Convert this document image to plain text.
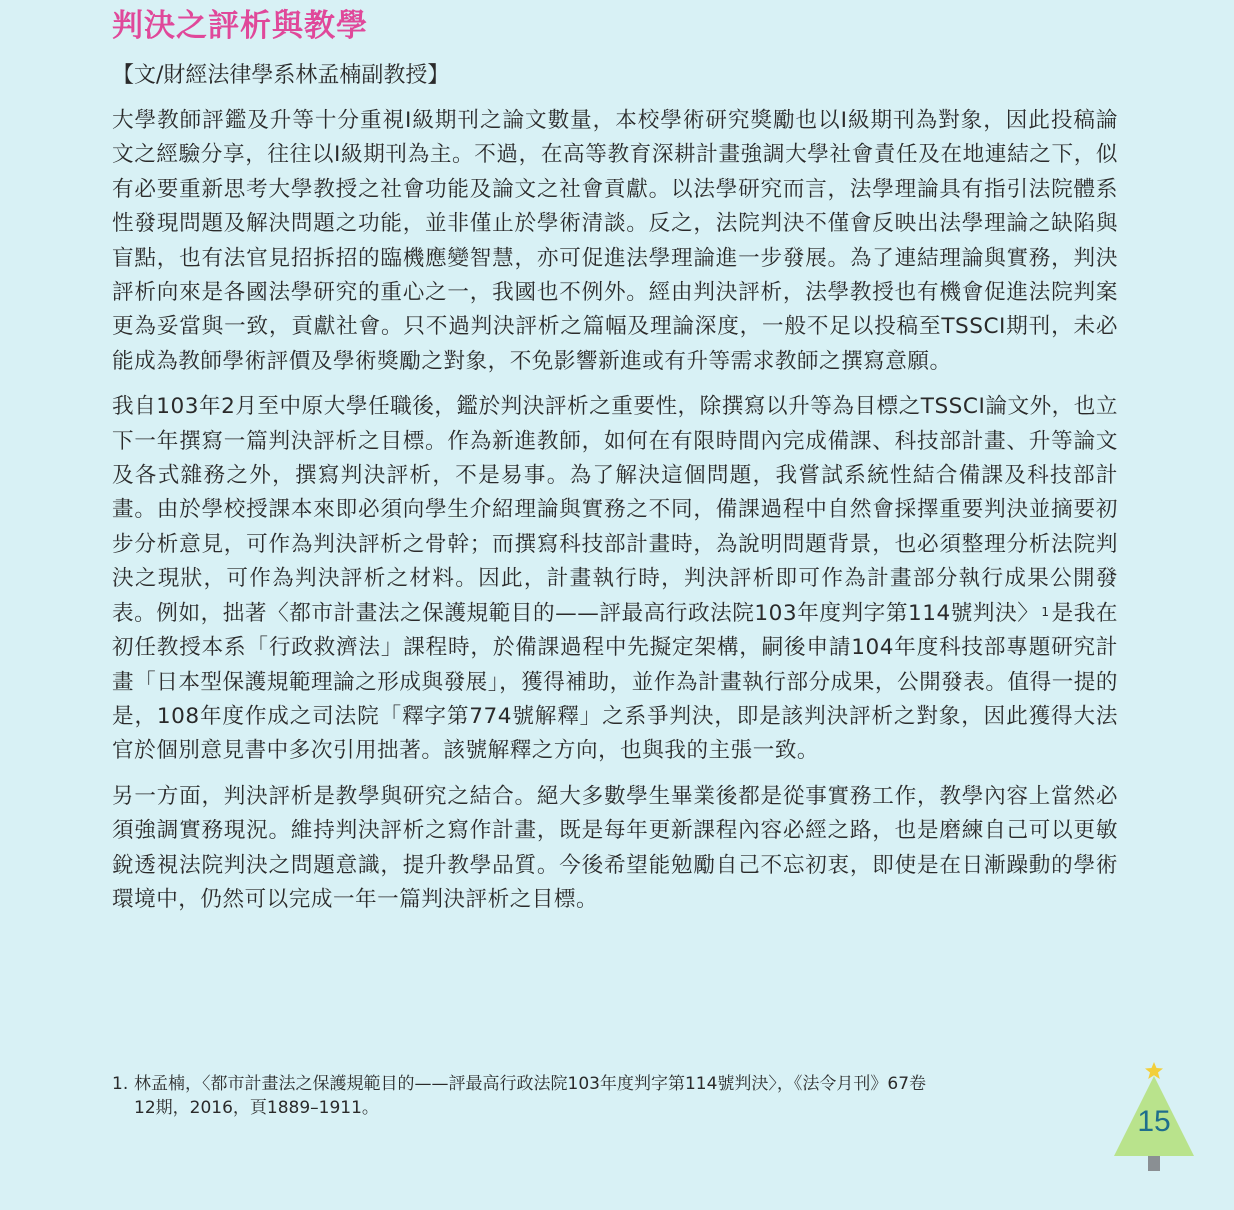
判決之評析與教學

【文/財經法律學系林孟楠副教授】

大學教師評鑑及升等十分重視I級期刊之論文數量，本校學術研究獎勵也以I級期刊為對象，因此投稿論文之經驗分享，往往以I級期刊為主。不過，在高等教育深耕計畫強調大學社會責任及在地連結之下，似有必要重新思考大學教授之社會功能及論文之社會貢獻。以法學研究而言，法學理論具有指引法院體系性發現問題及解決問題之功能，並非僅止於學術清談。反之，法院判決不僅會反映出法學理論之缺陷與盲點，也有法官見招拆招的臨機應變智慧，亦可促進法學理論進一步發展。為了連結理論與實務，判決評析向來是各國法學研究的重心之一，我國也不例外。經由判決評析，法學教授也有機會促進法院判案更為妥當與一致，貢獻社會。只不過判決評析之篇幅及理論深度，一般不足以投稿至TSSCI期刊，未必能成為教師學術評價及學術獎勵之對象，不免影響新進或有升等需求教師之撰寫意願。

我自103年2月至中原大學任職後，鑑於判決評析之重要性，除撰寫以升等為目標之TSSCI論文外，也立下一年撰寫一篇判決評析之目標。作為新進教師，如何在有限時間內完成備課、科技部計畫、升等論文及各式雜務之外，撰寫判決評析，不是易事。為了解決這個問題，我嘗試系統性結合備課及科技部計畫。由於學校授課本來即必須向學生介紹理論與實務之不同，備課過程中自然會採擇重要判決並摘要初步分析意見，可作為判決評析之骨幹；而撰寫科技部計畫時，為說明問題背景，也必須整理分析法院判決之現狀，可作為判決評析之材料。因此，計畫執行時，判決評析即可作為計畫部分執行成果公開發表。例如，拙著〈都市計畫法之保護規範目的——評最高行政法院103年度判字第114號判決〉 $^1$是我在初任教授本系「行政救濟法」課程時，於備課過程中先擬定架構，嗣後申請104年度科技部專題研究計畫「日本型保護規範理論之形成與發展」，獲得補助，並作為計畫執行部分成果，公開發表。值得一提的是，108年度作成之司法院「釋字第774號解釋」之系爭判決，即是該判決評析之對象，因此獲得大法官於個別意見書中多次引用拙著。該號解釋之方向，也與我的主張一致。

另一方面，判決評析是教學與研究之結合。絕大多數學生畢業後都是從事實務工作，教學內容上當然必須強調實務現況。維持判決評析之寫作計畫，既是每年更新課程內容必經之路，也是磨練自己可以更敏銳透視法院判決之問題意識，提升教學品質。今後希望能勉勵自己不忘初衷，即使是在日漸躁動的學術環境中，仍然可以完成一年一篇判決評析之目標。

1. 林孟楠，〈都市計畫法之保護規範目的——評最高行政法院103年度判字第114號判決〉，《法令月刊》67卷
12期，2016，頁1889–1911。	15
